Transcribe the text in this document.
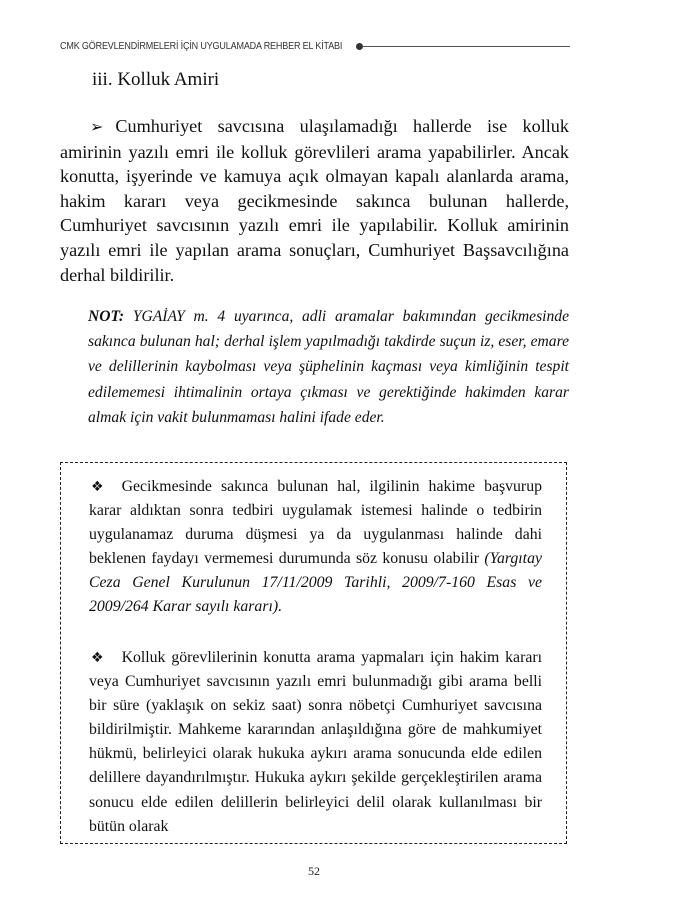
CMK GÖREVLENDİRMELERİ İÇİN UYGULAMADA REHBER EL KİTABI
iii. Kolluk Amiri

➢ Cumhuriyet savcısına ulaşılamadığı hallerde ise kolluk amirinin yazılı emri ile kolluk görevlileri arama yapabilirler. Ancak konutta, işyerinde ve kamuya açık olmayan kapalı alanlarda arama, hakim kararı veya gecikmesinde sakınca bulunan hallerde, Cumhuriyet savcısının yazılı emri ile yapılabilir. Kolluk amirinin yazılı emri ile yapılan arama sonuçları, Cumhuriyet Başsavcılığına derhal bildirilir.

NOT: YGAİAY m. 4 uyarınca, adli aramalar bakımından gecikmesinde sakınca bulunan hal; derhal işlem yapılmadığı takdirde suçun iz, eser, emare ve delillerinin kaybolması veya şüphelinin kaçması veya kimliğinin tespit edilememesi ihtimalinin ortaya çıkması ve gerektiğinde hakimden karar almak için vakit bulunmaması halini ifade eder.

❖ Gecikmesinde sakınca bulunan hal, ilgilinin hakime başvurup karar aldıktan sonra tedbiri uygulamak istemesi halinde o tedbirin uygulanamaz duruma düşmesi ya da uygulanması halinde dahi beklenen faydayı vermemesi durumunda söz konusu olabilir (Yargıtay Ceza Genel Kurulunun 17/11/2009 Tarihli, 2009/7-160 Esas ve 2009/264 Karar sayılı kararı).

❖ Kolluk görevlilerinin konutta arama yapmaları için hakim kararı veya Cumhuriyet savcısının yazılı emri bulunmadığı gibi arama belli bir süre (yaklaşık on sekiz saat) sonra nöbetçi Cumhuriyet savcısına bildirilmiştir. Mahkeme kararından anlaşıldığına göre de mahkumiyet hükmü, belirleyici olarak hukuka aykırı arama sonucunda elde edilen delillere dayandırılmıştır. Hukuka aykırı şekilde gerçekleştirilen arama sonucu elde edilen delillerin belirleyici delil olarak kullanılması bir bütün olarak

52
